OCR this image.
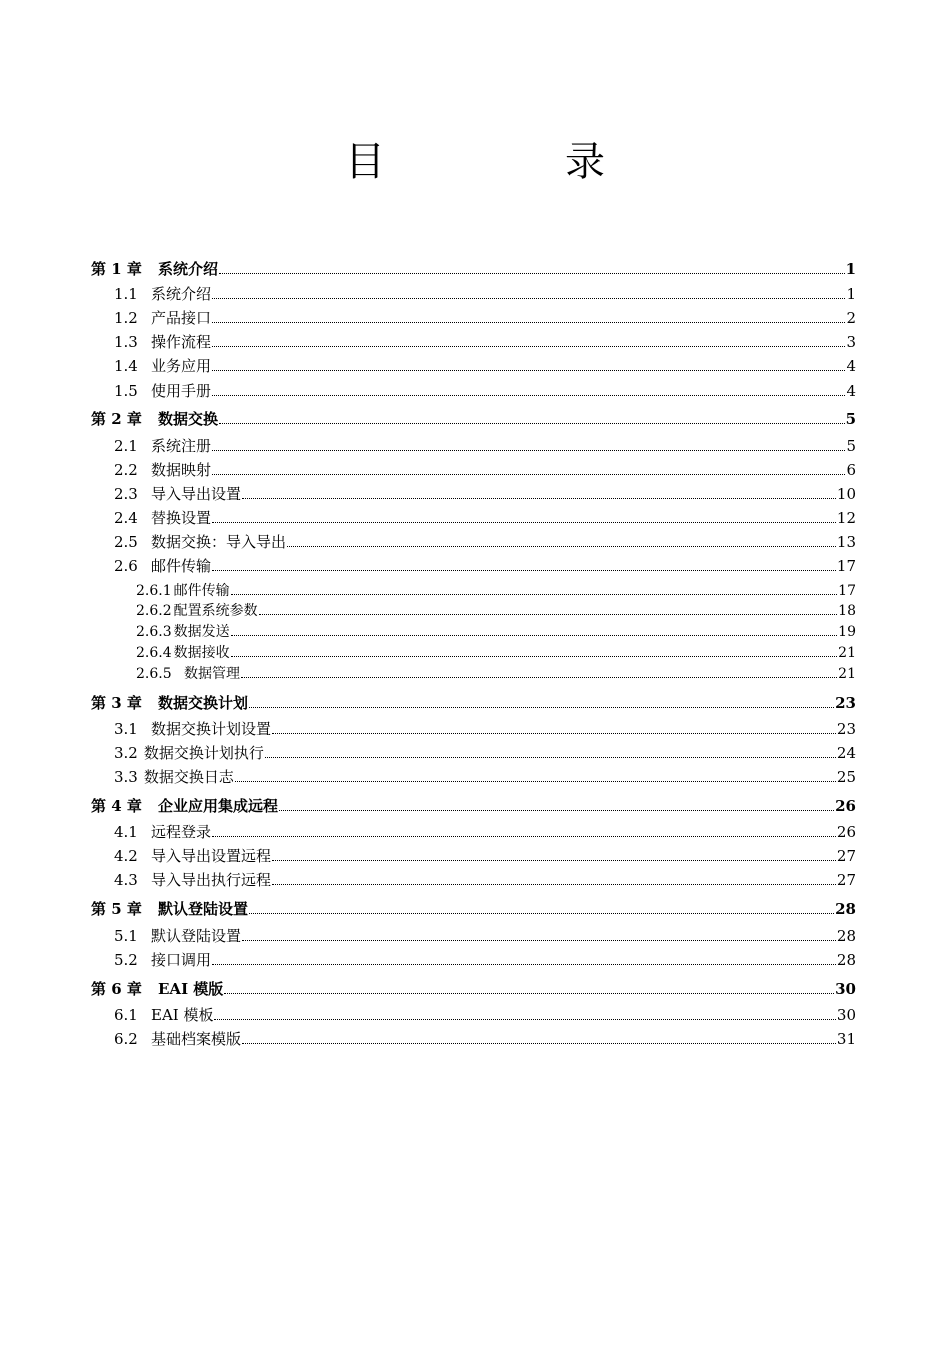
目　录
第 1 章	系统介绍	1
1.1 系统介绍	1
1.2 产品接口	2
1.3 操作流程	3
1.4 业务应用	4
1.5 使用手册	4
第 2 章	数据交换	5
2.1 系统注册	5
2.2 数据映射	6
2.3 导入导出设置	10
2.4 替换设置	12
2.5 数据交换：导入导出	13
2.6 邮件传输	17
2.6.1 邮件传输	17
2.6.2 配置系统参数	18
2.6.3 数据发送	19
2.6.4 数据接收	21
2.6.5 数据管理	21
第 3 章	数据交换计划	23
3.1 数据交换计划设置	23
3.2 数据交换计划执行	24
3.3 数据交换日志	25
第 4 章	企业应用集成远程	26
4.1 远程登录	26
4.2 导入导出设置远程	27
4.3 导入导出执行远程	27
第 5 章	默认登陆设置	28
5.1 默认登陆设置	28
5.2 接口调用	28
第 6 章	EAI 模版	30
6.1 EAI 模板	30
6.2 基础档案模版	31
